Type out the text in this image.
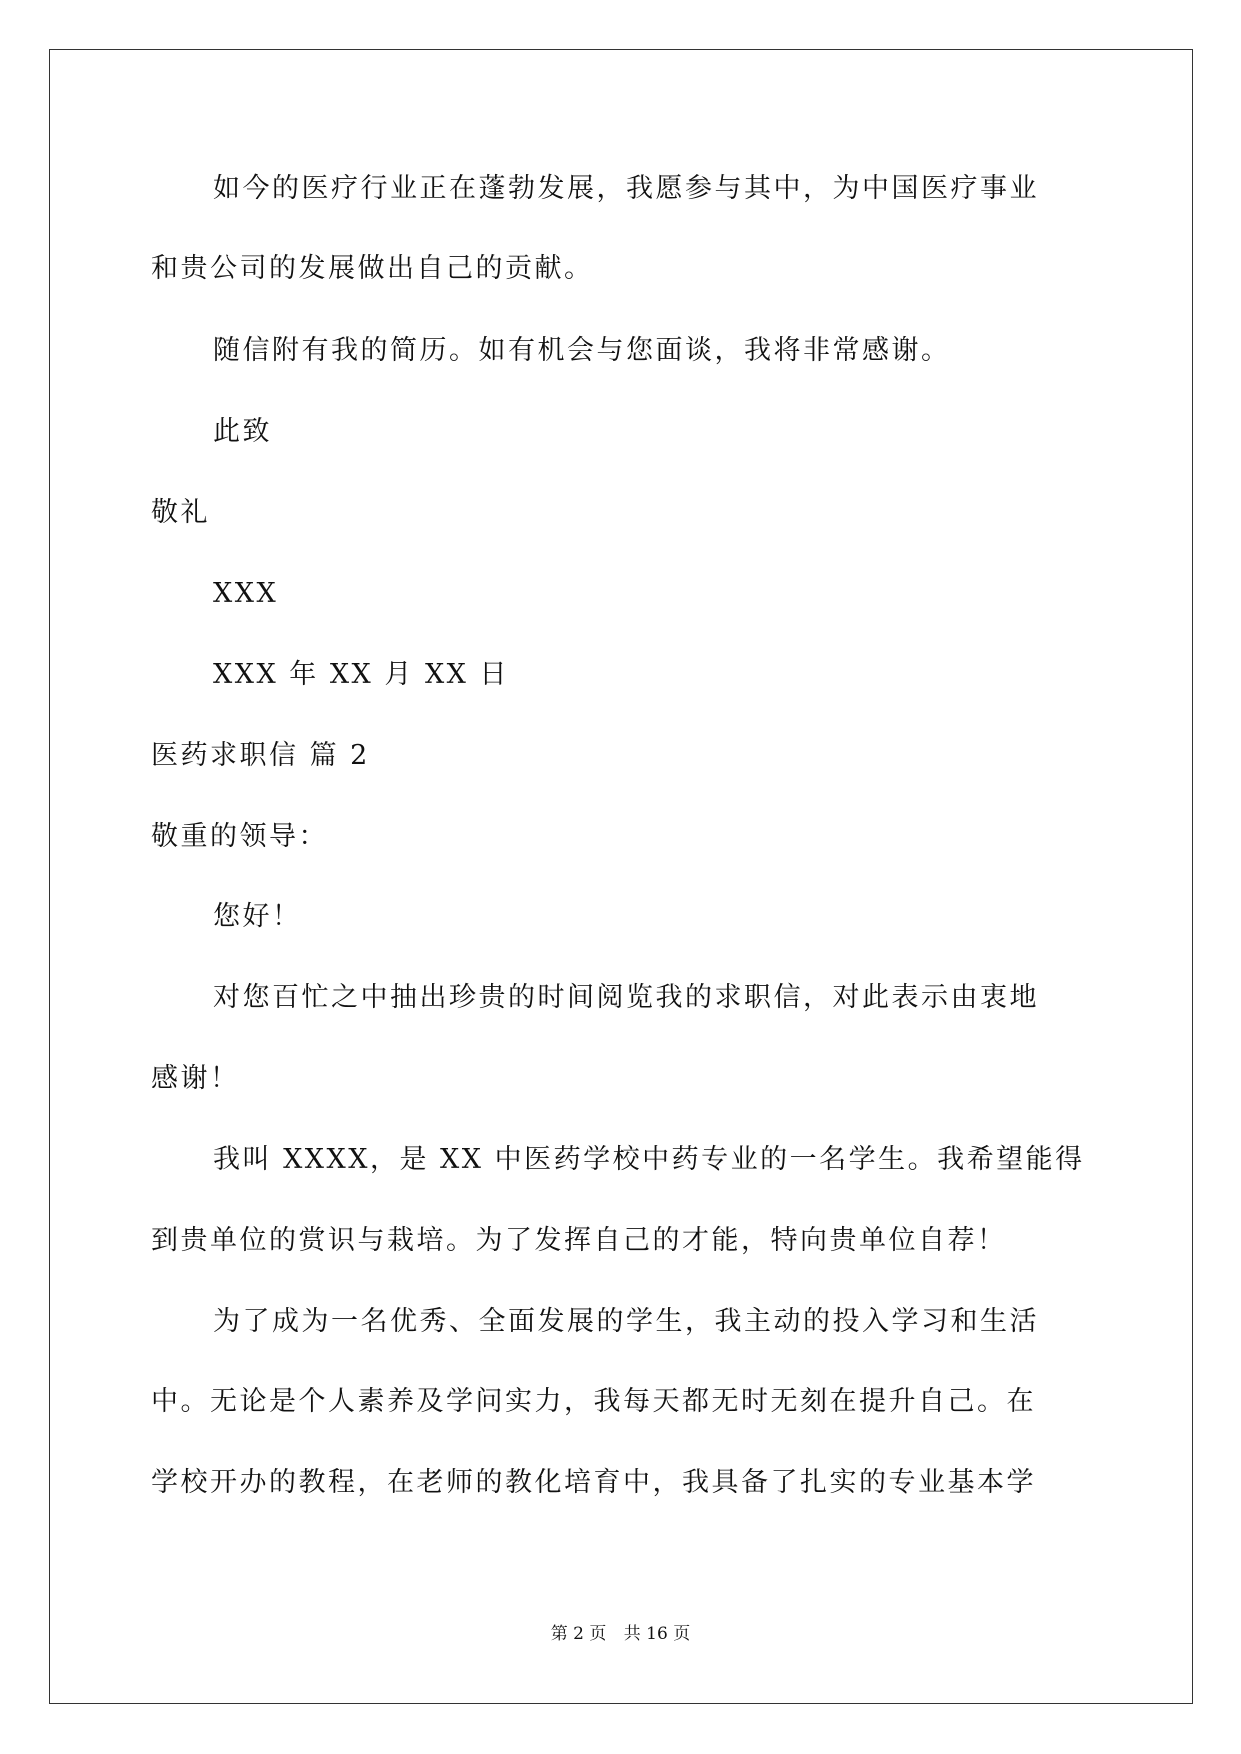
如今的医疗行业正在蓬勃发展，我愿参与其中，为中国医疗事业
和贵公司的发展做出自己的贡献。
随信附有我的简历。如有机会与您面谈，我将非常感谢。
此致
敬礼
XXX
XXX 年 XX 月 XX 日
医药求职信 篇 2
敬重的领导：
您好！
对您百忙之中抽出珍贵的时间阅览我的求职信，对此表示由衷地
感谢！
我叫 XXXX，是 XX 中医药学校中药专业的一名学生。我希望能得
到贵单位的赏识与栽培。为了发挥自己的才能，特向贵单位自荐！
为了成为一名优秀、全面发展的学生，我主动的投入学习和生活
中。无论是个人素养及学问实力，我每天都无时无刻在提升自己。在
学校开办的教程，在老师的教化培育中，我具备了扎实的专业基本学
第 2 页 共 16 页
